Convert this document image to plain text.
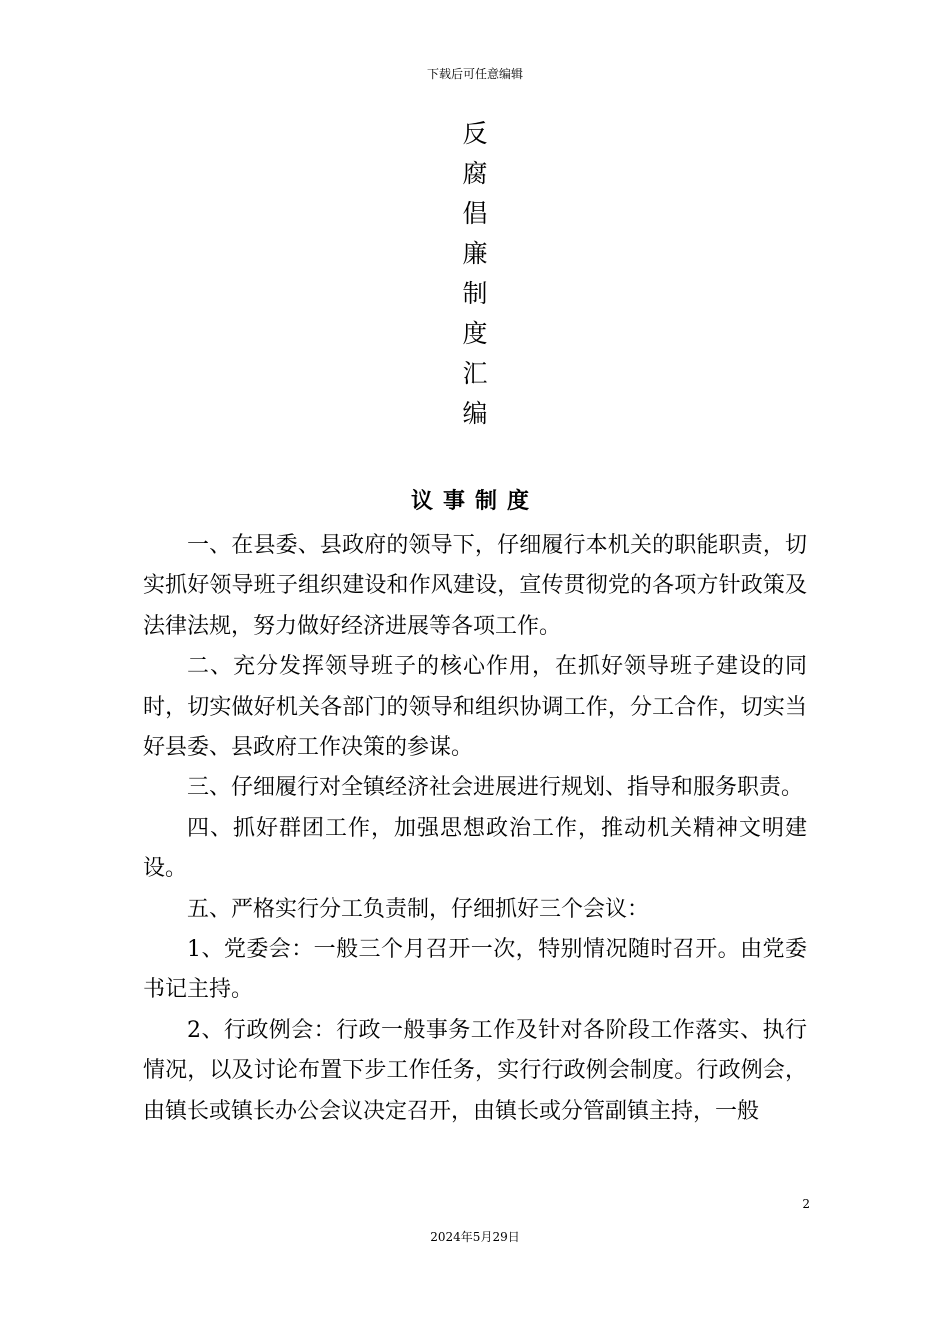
下载后可任意编辑
反
腐
倡
廉
制
度
汇
编
议事制度

一、在县委、县政府的领导下，仔细履行本机关的职能职责，切实抓好领导班子组织建设和作风建设，宣传贯彻党的各项方针政策及法律法规，努力做好经济进展等各项工作。

二、充分发挥领导班子的核心作用，在抓好领导班子建设的同时，切实做好机关各部门的领导和组织协调工作，分工合作，切实当好县委、县政府工作决策的参谋。

三、仔细履行对全镇经济社会进展进行规划、指导和服务职责。

四、抓好群团工作，加强思想政治工作，推动机关精神文明建设。

五、严格实行分工负责制，仔细抓好三个会议：

1、党委会：一般三个月召开一次，特别情况随时召开。由党委书记主持。

2、行政例会：行政一般事务工作及针对各阶段工作落实、执行情况，以及讨论布置下步工作任务，实行行政例会制度。行政例会，由镇长或镇长办公会议决定召开，由镇长或分管副镇主持，一般

2
2024年5月29日
